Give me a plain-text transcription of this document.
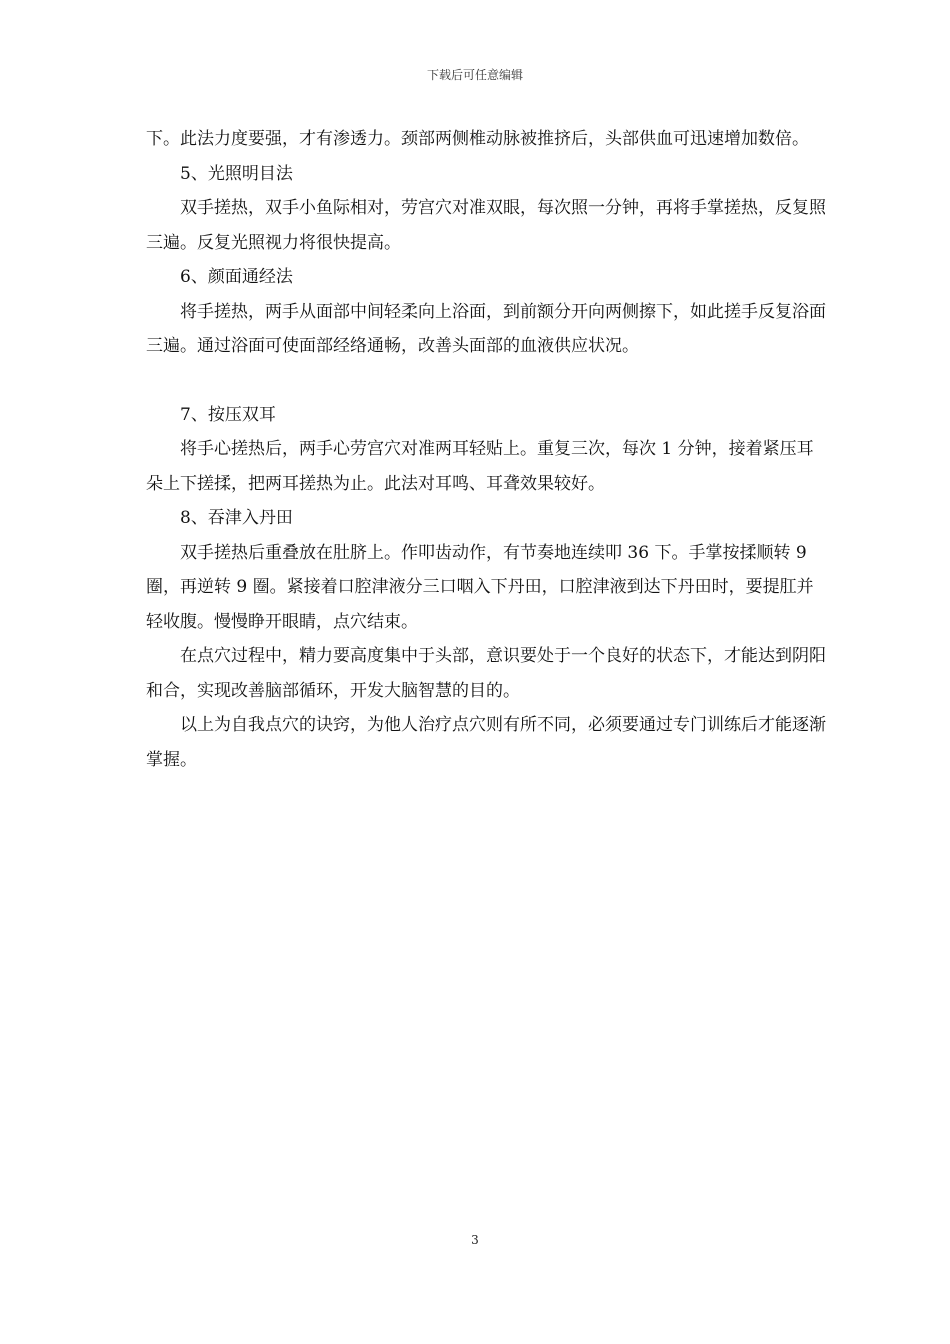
下载后可任意编辑

下。此法力度要强，才有渗透力。颈部两侧椎动脉被推挤后，头部供血可迅速增加数倍。

5、光照明目法

双手搓热，双手小鱼际相对，劳宫穴对准双眼，每次照一分钟，再将手掌搓热，反复照三遍。反复光照视力将很快提高。

6、颜面通经法

将手搓热，两手从面部中间轻柔向上浴面，到前额分开向两侧擦下，如此搓手反复浴面三遍。通过浴面可使面部经络通畅，改善头面部的血液供应状况。

7、按压双耳

将手心搓热后，两手心劳宫穴对准两耳轻贴上。重复三次，每次 1 分钟，接着紧压耳朵上下搓揉，把两耳搓热为止。此法对耳鸣、耳聋效果较好。

8、吞津入丹田

双手搓热后重叠放在肚脐上。作叩齿动作，有节奏地连续叩 36 下。手掌按揉顺转 9 圈，再逆转 9 圈。紧接着口腔津液分三口咽入下丹田，口腔津液到达下丹田时，要提肛并轻收腹。慢慢睁开眼睛，点穴结束。

在点穴过程中，精力要高度集中于头部，意识要处于一个良好的状态下，才能达到阴阳和合，实现改善脑部循环，开发大脑智慧的目的。

以上为自我点穴的诀窍，为他人治疗点穴则有所不同，必须要通过专门训练后才能逐渐掌握。

3
